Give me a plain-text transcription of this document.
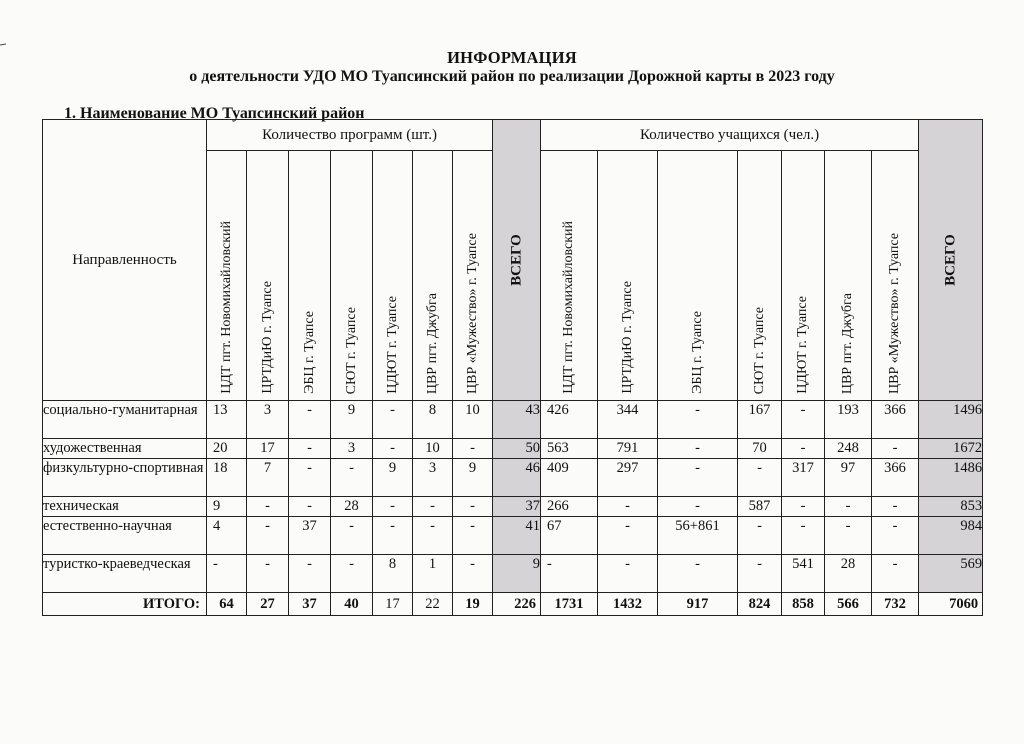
ИНФОРМАЦИЯ
о деятельности УДО МО Туапсинский район по реализации Дорожной карты в 2023 году
1. Наименование МО Туапсинский район
Направленность	Количество программ (шт.)							ВСЕГО	Количество учащихся (чел.)							ВСЕГО

	ЦДТ пгт. Новомихайловский	ЦРТДиЮ г. Туапсе	ЭБЦ г. Туапсе	СЮТ г. Туапсе	ЦДЮТ г. Туапсе	ЦВР пгт. Джубга	ЦВР «Мужество» г. Туапсе		ЦДТ пгт. Новомихайловский	ЦРТДиЮ г. Туапсе	ЭБЦ г. Туапсе	СЮТ г. Туапсе	ЦДЮТ г. Туапсе	ЦВР пгт. Джубга	ЦВР «Мужество» г. Туапсе	

социально-гуманитарная	13	3	-	9	-	8	10	43	426	344	-	167	-	193	366	1496
художественная	20	17	-	3	-	10	-	50	563	791	-	70	-	248	-	1672
физкультурно-спортивная	18	7	-	-	9	3	9	46	409	297	-	-	317	97	366	1486
техническая	9	-	-	28	-	-	-	37	266	-	-	587	-	-	-	853
естественно-научная	4	-	37	-	-	-	-	41	67	-	56+861	-	-	-	-	984
туристко-краеведческая	-	-	-	-	8	1	-	9	-	-	-	-	541	28	-	569
ИТОГО:	64	27	37	40	17	22	19	226	1731	1432	917	824	858	566	732	7060
